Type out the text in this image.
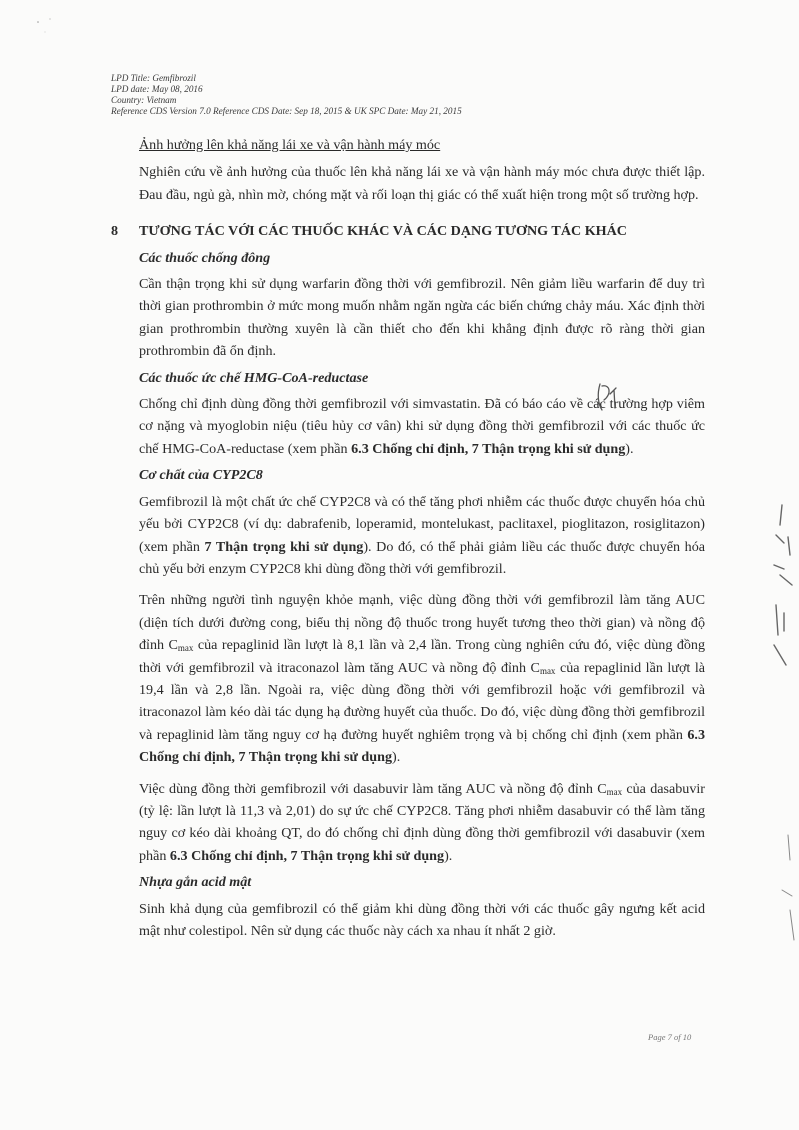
LPD Title: Gemfibrozil
LPD date: May 08, 2016
Country: Vietnam
Reference CDS Version 7.0 Reference CDS Date: Sep 18, 2015 & UK SPC Date: May 21, 2015
Ảnh hưởng lên khả năng lái xe và vận hành máy móc

Nghiên cứu về ảnh hưởng của thuốc lên khả năng lái xe và vận hành máy móc chưa được thiết lập. Đau đầu, ngủ gà, nhìn mờ, chóng mặt và rối loạn thị giác có thể xuất hiện trong một số trường hợp.

8 TƯƠNG TÁC VỚI CÁC THUỐC KHÁC VÀ CÁC DẠNG TƯƠNG TÁC KHÁC
Các thuốc chống đông

Cần thận trọng khi sử dụng warfarin đồng thời với gemfibrozil. Nên giảm liều warfarin để duy trì thời gian prothrombin ở mức mong muốn nhằm ngăn ngừa các biến chứng chảy máu. Xác định thời gian prothrombin thường xuyên là cần thiết cho đến khi khẳng định được rõ ràng thời gian prothrombin đã ổn định.

Các thuốc ức chế HMG-CoA-reductase

Chống chỉ định dùng đồng thời gemfibrozil với simvastatin. Đã có báo cáo về các trường hợp viêm cơ nặng và myoglobin niệu (tiêu hủy cơ vân) khi sử dụng đồng thời gemfibrozil với các thuốc ức chế HMG-CoA-reductase (xem phần 6.3 Chống chỉ định, 7 Thận trọng khi sử dụng).

Cơ chất của CYP2C8

Gemfibrozil là một chất ức chế CYP2C8 và có thể tăng phơi nhiễm các thuốc được chuyển hóa chủ yếu bởi CYP2C8 (ví dụ: dabrafenib, loperamid, montelukast, paclitaxel, pioglitazon, rosiglitazon) (xem phần 7 Thận trọng khi sử dụng). Do đó, có thể phải giảm liều các thuốc được chuyển hóa chủ yếu bởi enzym CYP2C8 khi dùng đồng thời với gemfibrozil.

Trên những người tình nguyện khỏe mạnh, việc dùng đồng thời với gemfibrozil làm tăng AUC (diện tích dưới đường cong, biểu thị nồng độ thuốc trong huyết tương theo thời gian) và nồng độ đỉnh $C_{max}$ của repaglinid lần lượt là 8,1 lần và 2,4 lần. Trong cùng nghiên cứu đó, việc dùng đồng thời với gemfibrozil và itraconazol làm tăng AUC và nồng độ đỉnh $C_{max}$ của repaglinid lần lượt là 19,4 lần và 2,8 lần. Ngoài ra, việc dùng đồng thời với gemfibrozil hoặc với gemfibrozil và itraconazol làm kéo dài tác dụng hạ đường huyết của thuốc. Do đó, việc dùng đồng thời gemfibrozil và repaglinid làm tăng nguy cơ hạ đường huyết nghiêm trọng và bị chống chỉ định (xem phần 6.3 Chống chỉ định, 7 Thận trọng khi sử dụng).

Việc dùng đồng thời gemfibrozil với dasabuvir làm tăng AUC và nồng độ đỉnh $C_{max}$ của dasabuvir (tỷ lệ: lần lượt là 11,3 và 2,01) do sự ức chế CYP2C8. Tăng phơi nhiễm dasabuvir có thể làm tăng nguy cơ kéo dài khoảng QT, do đó chống chỉ định dùng đồng thời gemfibrozil với dasabuvir (xem phần 6.3 Chống chỉ định, 7 Thận trọng khi sử dụng).

Nhựa gắn acid mật

Sinh khả dụng của gemfibrozil có thể giảm khi dùng đồng thời với các thuốc gây ngưng kết acid mật như colestipol. Nên sử dụng các thuốc này cách xa nhau ít nhất 2 giờ.

Page 7 of 10
